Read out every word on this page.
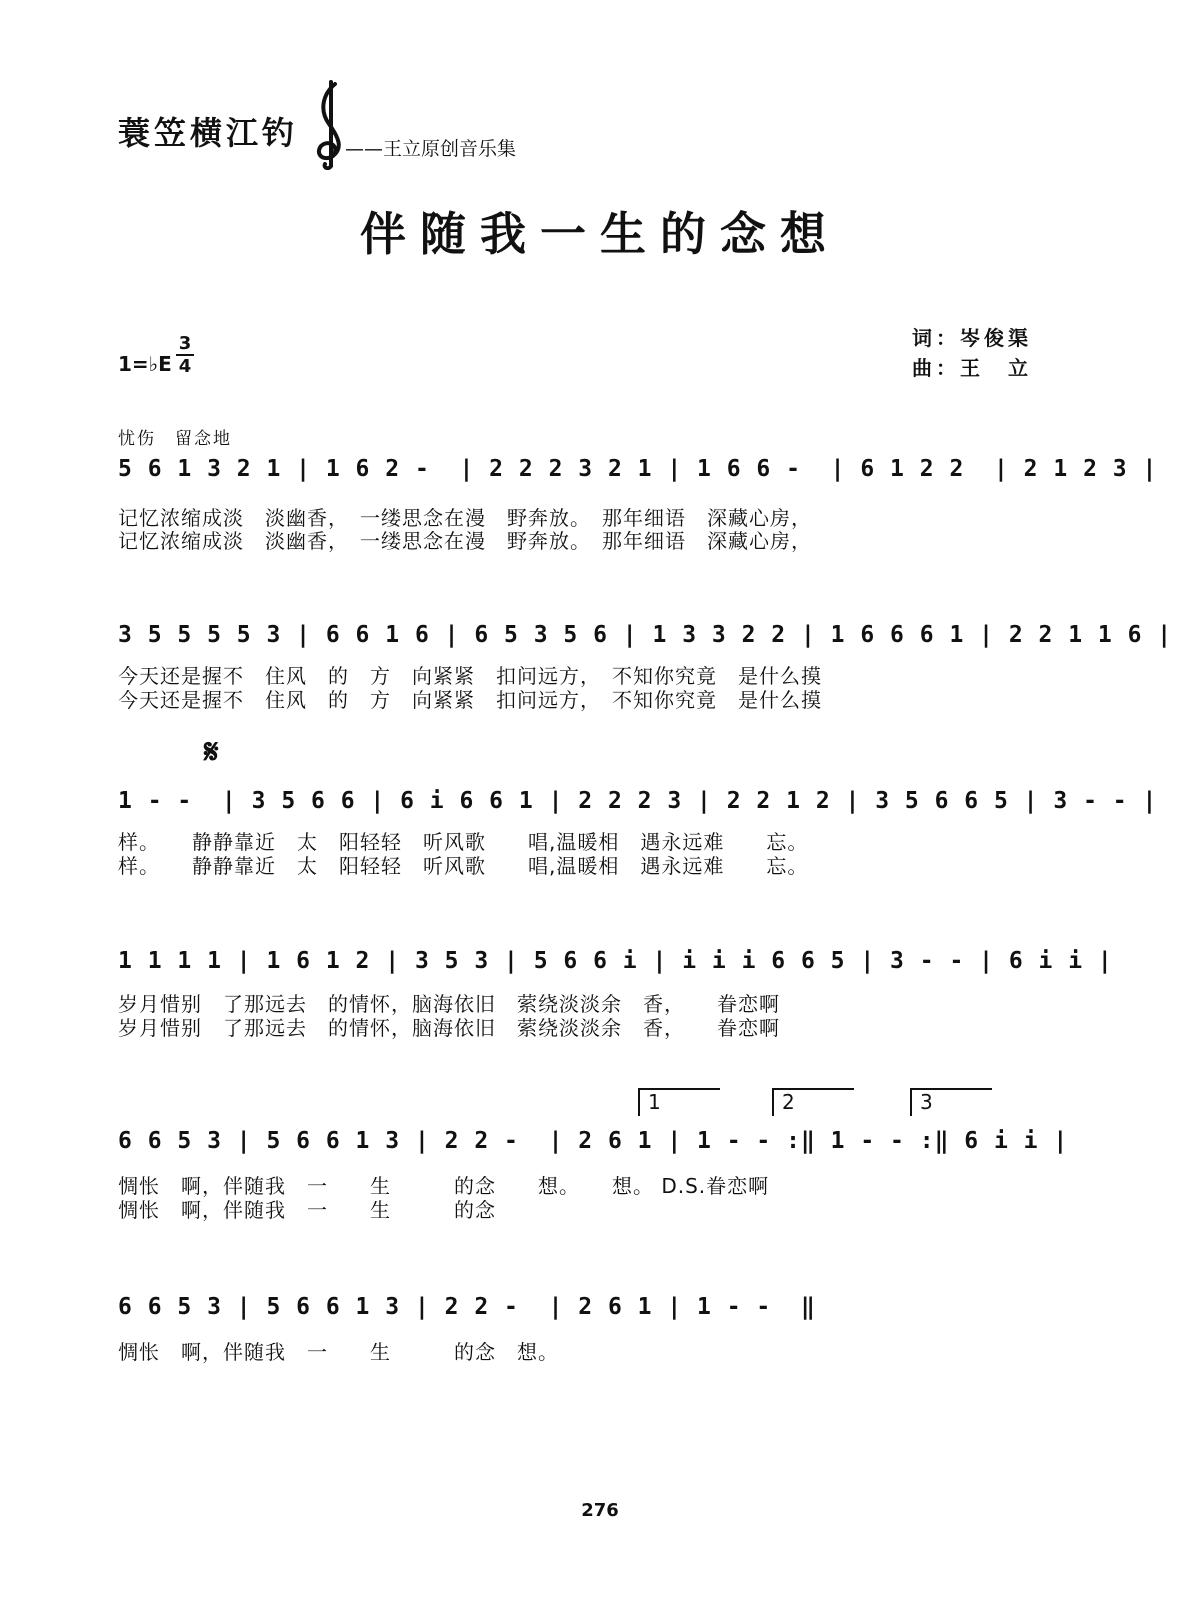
蓑笠横江钓 ——王立原创音乐集
伴随我一生的念想
词：岑俊渠
曲：王　立
1=♭E
3
4
忧伤　留念地
5 6 1 3 2 1 | 1 6 2 -  | 2 2 2 3 2 1 | 1 6 6 -  | 6 1 2 2  | 2 1 2 3 |
记忆浓缩成淡　淡幽香，　一缕思念在漫　野奔放。　那年细语　深藏心房，
记忆浓缩成淡　淡幽香，　一缕思念在漫　野奔放。　那年细语　深藏心房，
3 5 5 5 5 3 | 6 6 1 6 | 6 5 3 5 6 | 1 3 3 2 2 | 1 6 6 6 1 | 2 2 1 1 6 |
今天还是握不　住风　的　方　向紧紧　扣问远方，　不知你究竟　是什么摸
今天还是握不　住风　的　方　向紧紧　扣问远方，　不知你究竟　是什么摸
𝄋
1 - -  | 3 5 6 6 | 6 i 6 6 1 | 2 2 2 3 | 2 2 1 2 | 3 5 6 6 5 | 3 - - |
样。　　静静靠近　太　阳轻轻　听风歌　　唱,温暖相　遇永远难　　忘。
样。　　静静靠近　太　阳轻轻　听风歌　　唱,温暖相　遇永远难　　忘。
1 1 1 1 | 1 6 1 2 | 3 5 3 | 5 6 6 i | i i i 6 6 5 | 3 - - | 6 i i |
岁月惜别　了那远去　的情怀，脑海依旧　萦绕淡淡余　香，　　眷恋啊
岁月惜别　了那远去　的情怀，脑海依旧　萦绕淡淡余　香，　　眷恋啊
1	2	3
6 6 5 3 | 5 6 6 1 3 | 2 2 -  | 2 6 1 | 1 - - :‖ 1 - - :‖ 6 i i |
惆怅　啊，伴随我　一　　生　　　的念　　想。　　想。 D.S.眷恋啊
惆怅　啊，伴随我　一　　生　　　的念
6 6 5 3 | 5 6 6 1 3 | 2 2 -  | 2 6 1 | 1 - -  ‖
惆怅　啊，伴随我　一　　生　　　的念　想。
276
